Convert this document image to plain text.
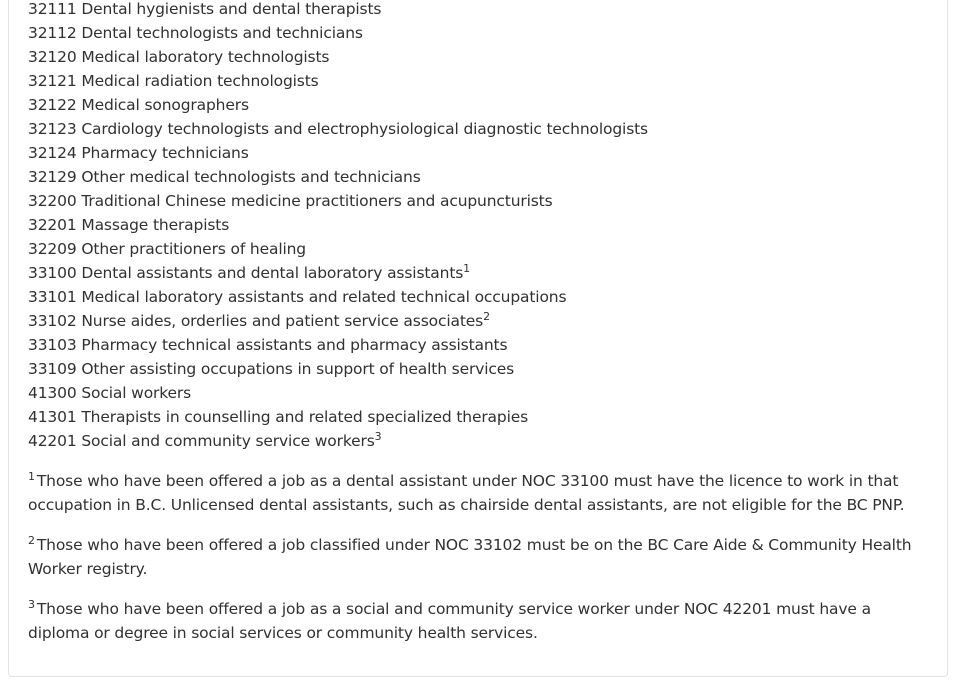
32111 Dental hygienists and dental therapists
32112 Dental technologists and technicians
32120 Medical laboratory technologists
32121 Medical radiation technologists
32122 Medical sonographers
32123 Cardiology technologists and electrophysiological diagnostic technologists
32124 Pharmacy technicians
32129 Other medical technologists and technicians
32200 Traditional Chinese medicine practitioners and acupuncturists
32201 Massage therapists
32209 Other practitioners of healing
33100 Dental assistants and dental laboratory assistants$^1$
33101 Medical laboratory assistants and related technical occupations
33102 Nurse aides, orderlies and patient service associates$^2$
33103 Pharmacy technical assistants and pharmacy assistants
33109 Other assisting occupations in support of health services
41300 Social workers
41301 Therapists in counselling and related specialized therapies
42201 Social and community service workers$^3$

$^1$ Those who have been offered a job as a dental assistant under NOC 33100 must have the licence to work in that occupation in B.C. Unlicensed dental assistants, such as chairside dental assistants, are not eligible for the BC PNP.

$^2$ Those who have been offered a job classified under NOC 33102 must be on the BC Care Aide & Community Health Worker registry.

$^3$ Those who have been offered a job as a social and community service worker under NOC 42201 must have a diploma or degree in social services or community health services.
